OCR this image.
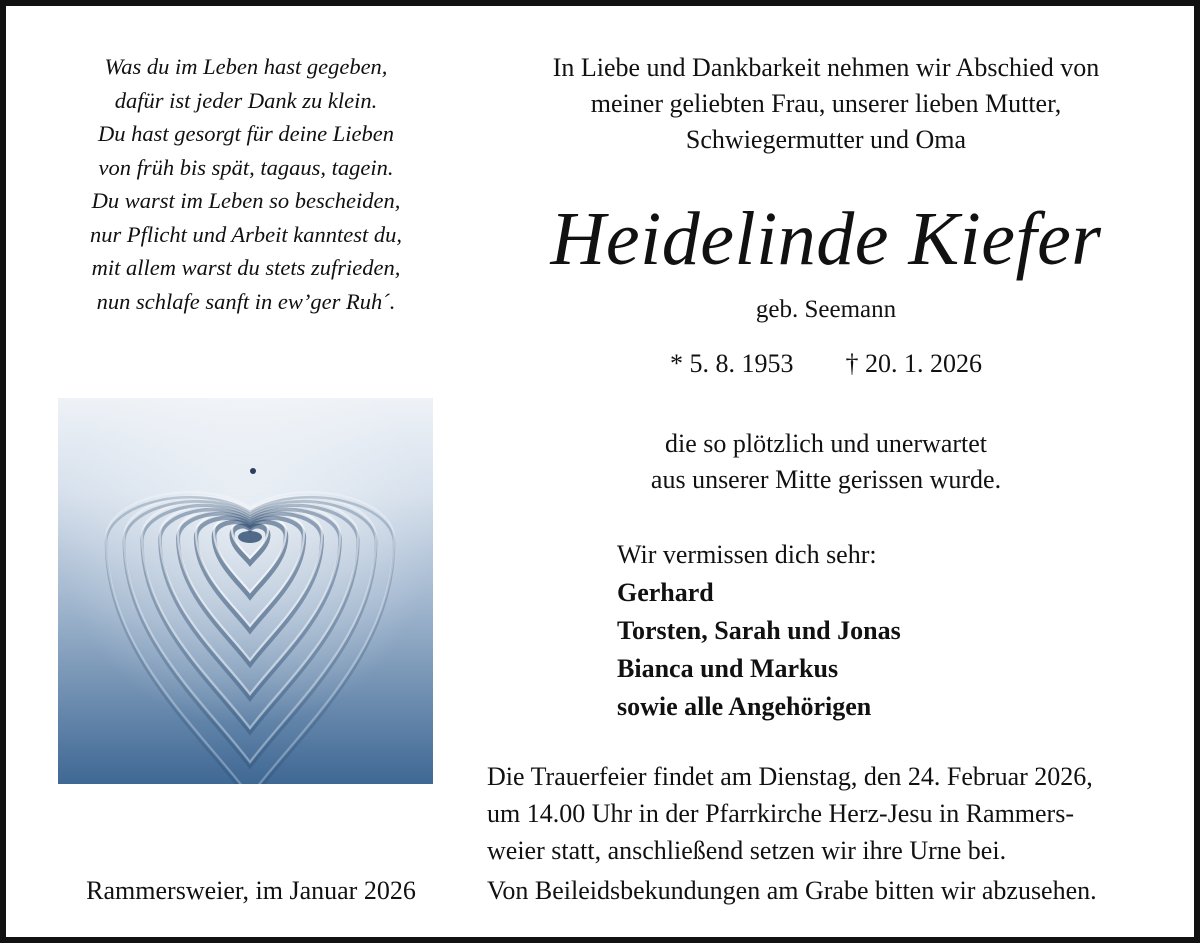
Was du im Leben hast gegeben,
dafür ist jeder Dank zu klein.
Du hast gesorgt für deine Lieben
von früh bis spät, tagaus, tagein.
Du warst im Leben so bescheiden,
nur Pflicht und Arbeit kanntest du,
mit allem warst du stets zufrieden,
nun schlafe sanft in ew’ger Ruh´.
In Liebe und Dankbarkeit nehmen wir Abschied von
meiner geliebten Frau, unserer lieben Mutter,
Schwiegermutter und Oma
Heidelinde Kiefer
geb. Seemann
* 5. 8. 1953 † 20. 1. 2026
die so plötzlich und unerwartet
aus unserer Mitte gerissen wurde.
Wir vermissen dich sehr:
Gerhard
Torsten, Sarah und Jonas
Bianca und Markus
sowie alle Angehörigen
Die Trauerfeier findet am Dienstag, den 24. Februar 2026,
um 14.00 Uhr in der Pfarrkirche Herz-Jesu in Rammers-
weier statt, anschließend setzen wir ihre Urne bei.
Von Beileidsbekundungen am Grabe bitten wir abzusehen.
Rammersweier, im Januar 2026
